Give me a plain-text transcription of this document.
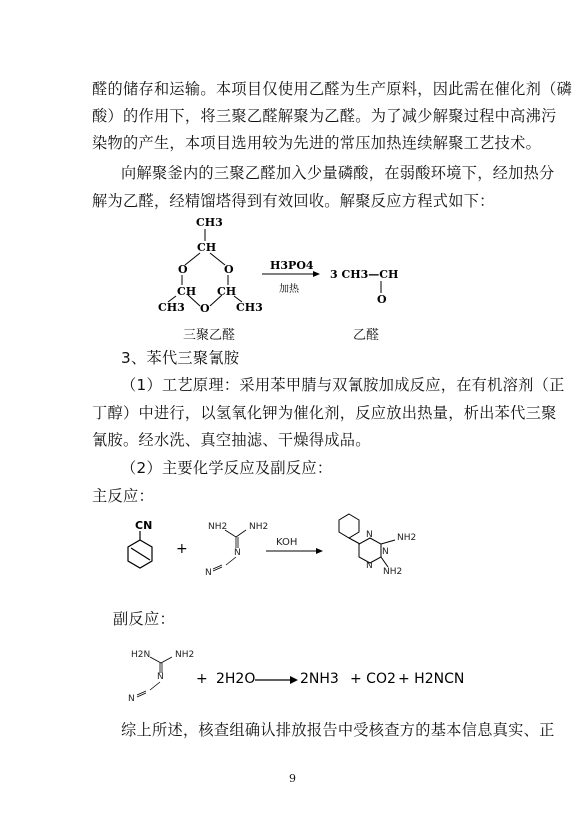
醛的储存和运输。本项目仅使用乙醛为生产原料，因此需在催化剂（磷
酸）的作用下，将三聚乙醛解聚为乙醛。为了减少解聚过程中高沸污
染物的产生，本项目选用较为先进的常压加热连续解聚工艺技术。
向解聚釜内的三聚乙醛加入少量磷酸，在弱酸环境下，经加热分
解为乙醛，经精馏塔得到有效回收。解聚反应方程式如下：
CH3
CH
O	O
CH CH
CH3 O CH3
H3PO4
加热
3 CH3—CH
O
三聚乙醛	乙醛
3、苯代三聚氰胺
（1）工艺原理：采用苯甲腈与双氰胺加成反应，在有机溶剂（正
丁醇）中进行，以氢氧化钾为催化剂，反应放出热量，析出苯代三聚
氰胺。经水洗、真空抽滤、干燥得成品。
（2）主要化学反应及副反应：
主反应：
CN
+
NH2 NH2
N
N
KOH	NH2
NH2
N
N
N
副反应：
H2N	NH2
N
N
+ 2H2O	2NH3 + CO2 + H2NCN
综上所述，核查组确认排放报告中受核查方的基本信息真实、正
9
